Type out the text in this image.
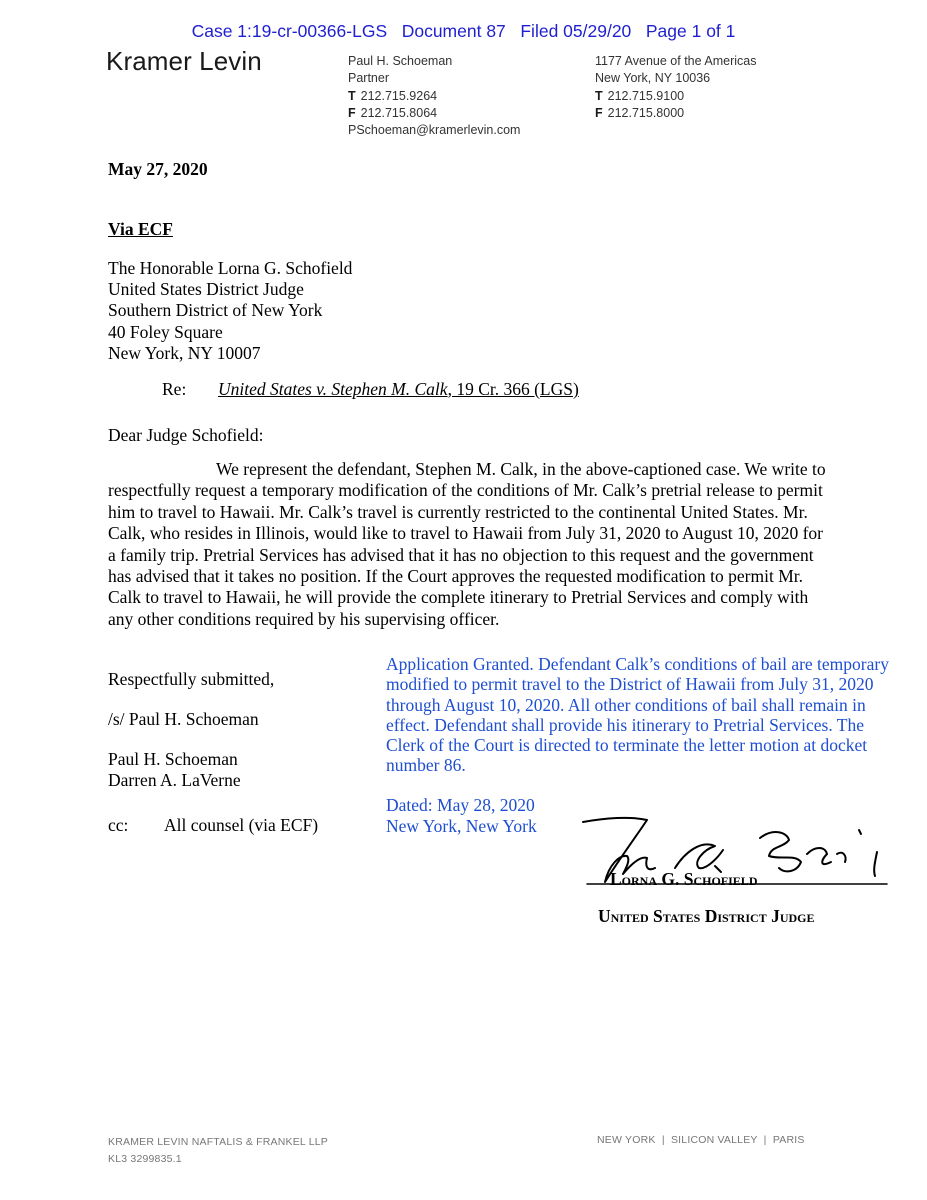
Case 1:19-cr-00366-LGS   Document 87   Filed 05/29/20   Page 1 of 1
Kramer Levin	Paul H. Schoeman
Partner
T 212.715.9264
F 212.715.8064
PSchoeman@kramerlevin.com
1177 Avenue of the Americas
New York, NY 10036
T 212.715.9100
F 212.715.8000
May 27, 2020
Via ECF
The Honorable Lorna G. Schofield
United States District Judge
Southern District of New York
40 Foley Square
New York, NY 10007
Re: United States v. Stephen M. Calk, 19 Cr. 366 (LGS)
Dear Judge Schofield:
We represent the defendant, Stephen M. Calk, in the above-captioned case. We write to respectfully request a temporary modification of the conditions of Mr. Calk’s pretrial release to permit him to travel to Hawaii. Mr. Calk’s travel is currently restricted to the continental United States. Mr. Calk, who resides in Illinois, would like to travel to Hawaii from July 31, 2020 to August 10, 2020 for a family trip. Pretrial Services has advised that it has no objection to this request and the government has advised that it takes no position. If the Court approves the requested modification to permit Mr. Calk to travel to Hawaii, he will provide the complete itinerary to Pretrial Services and comply with any other conditions required by his supervising officer.
Respectfully submitted,
/s/ Paul H. Schoeman
Paul H. Schoeman
Darren A. LaVerne
cc: All counsel (via ECF)
Application Granted. Defendant Calk’s conditions of bail are temporary modified to permit travel to the District of Hawaii from July 31, 2020 through August 10, 2020. All other conditions of bail shall remain in effect. Defendant shall provide his itinerary to Pretrial Services. The Clerk of the Court is directed to terminate the letter motion at docket number 86.
Dated: May 28, 2020
New York, New York
Lorna G. Schofield
United States District Judge
KRAMER LEVIN NAFTALIS & FRANKEL LLP
KL3 3299835.1
NEW YORK  |  SILICON VALLEY  |  PARIS
